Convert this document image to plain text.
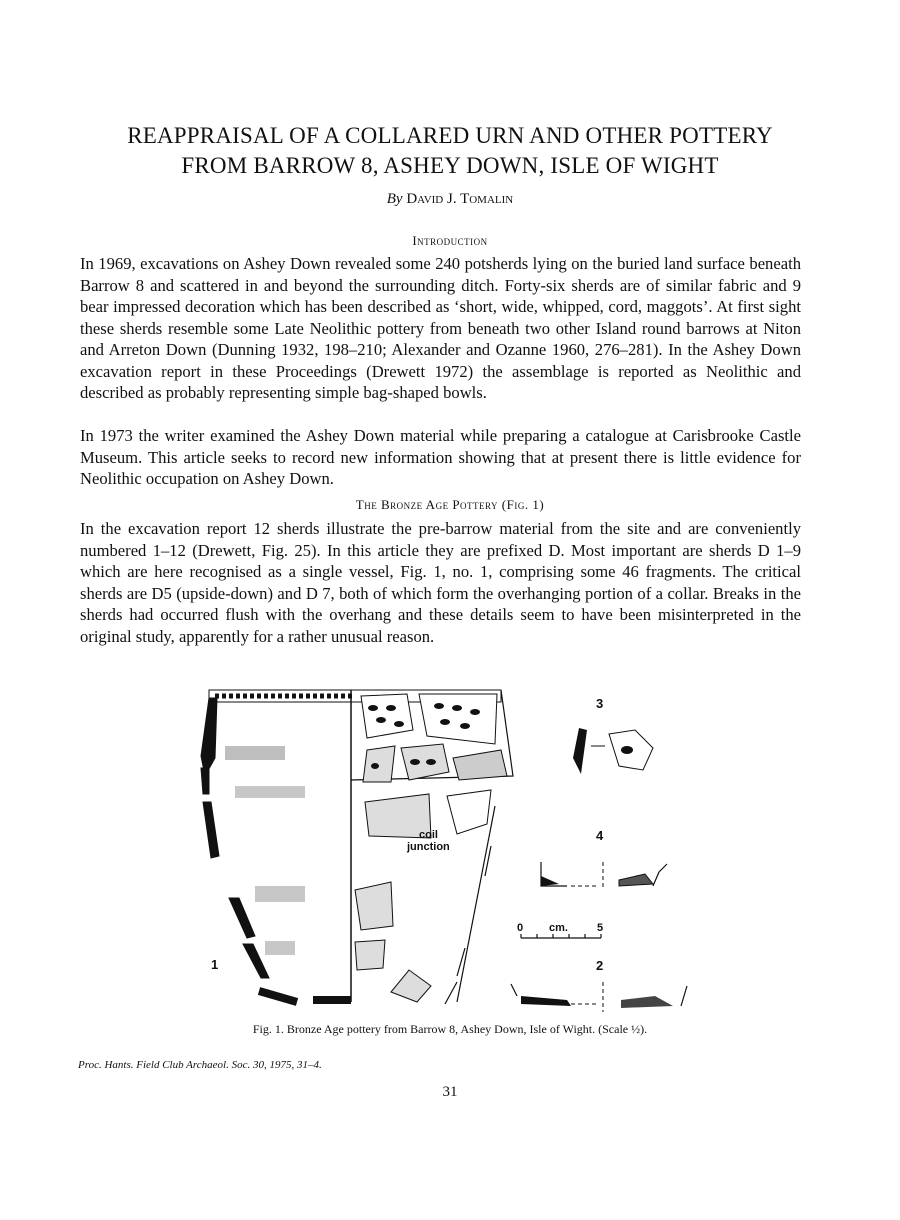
REAPPRAISAL OF A COLLARED URN AND OTHER POTTERY
FROM BARROW 8, ASHEY DOWN, ISLE OF WIGHT
By David J. Tomalin
Introduction

In 1969, excavations on Ashey Down revealed some 240 potsherds lying on the buried land surface beneath Barrow 8 and scattered in and beyond the surrounding ditch. Forty-six sherds are of similar fabric and 9 bear impressed decoration which has been described as ‘short, wide, whipped, cord, maggots’. At first sight these sherds resemble some Late Neolithic pottery from beneath two other Island round barrows at Niton and Arreton Down (Dunning 1932, 198–210; Alexander and Ozanne 1960, 276–281). In the Ashey Down excavation report in these Proceedings (Drewett 1972) the assemblage is reported as Neolithic and described as probably representing simple bag-shaped bowls.

In 1973 the writer examined the Ashey Down material while preparing a catalogue at Carisbrooke Castle Museum. This article seeks to record new information showing that at present there is little evidence for Neolithic occupation on Ashey Down.

The Bronze Age Pottery (Fig. 1)

In the excavation report 12 sherds illustrate the pre-barrow material from the site and are conveniently numbered 1–12 (Drewett, Fig. 25). In this article they are prefixed D. Most important are sherds D 1–9 which are here recognised as a single vessel, Fig. 1, no. 1, comprising some 46 fragments. The critical sherds are D5 (upside-down) and D 7, both of which form the overhanging portion of a collar. Breaks in the sherds had occurred flush with the overhang and these details seem to have been misinterpreted in the original study, apparently for a rather unusual reason.

1
coil
junction
3
4
0 cm.	5
2
Fig. 1. Bronze Age pottery from Barrow 8, Ashey Down, Isle of Wight. (Scale ½).
Proc. Hants. Field Club Archaeol. Soc. 30, 1975, 31–4.
31
